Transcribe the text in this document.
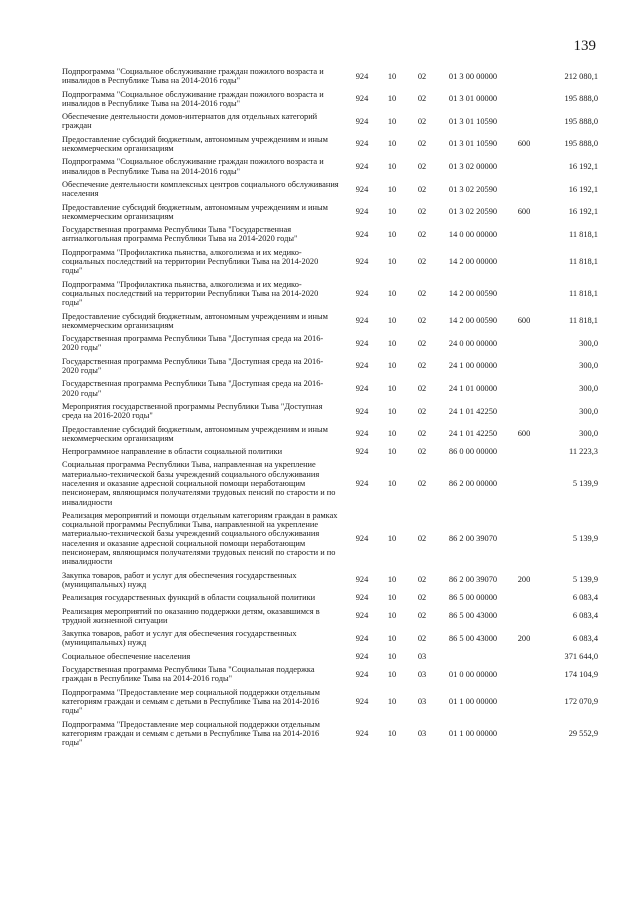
139
Подпрограмма "Социальное обслуживание граждан пожилого возраста и инвалидов в Республике Тыва на 2014-2016 годы"	924	10	02	01 3 00 00000		212 080,1
Подпрограмма "Социальное обслуживание граждан пожилого возраста и инвалидов в Республике Тыва на 2014-2016 годы"	924	10	02	01 3 01 00000		195 888,0
Обеспечение деятельности домов-интернатов для отдельных категорий граждан	924	10	02	01 3 01 10590		195 888,0
Предоставление субсидий бюджетным, автономным учреждениям и иным некоммерческим организациям	924	10	02	01 3 01 10590	600	195 888,0
Подпрограмма "Социальное обслуживание граждан пожилого возраста и инвалидов в Республике Тыва на 2014-2016 годы"	924	10	02	01 3 02 00000		16 192,1
Обеспечение деятельности комплексных центров социального обслуживания населения	924	10	02	01 3 02 20590		16 192,1
Предоставление субсидий бюджетным, автономным учреждениям и иным некоммерческим организациям	924	10	02	01 3 02 20590	600	16 192,1
Государственная программа Республики Тыва "Государственная антиалкогольная программа Республики Тыва на 2014-2020 годы"	924	10	02	14 0 00 00000		11 818,1
Подпрограмма "Профилактика пьянства, алкоголизма и их медико-социальных последствий на территории Республики Тыва на 2014-2020 годы"	924	10	02	14 2 00 00000		11 818,1
Подпрограмма "Профилактика пьянства, алкоголизма и их медико-социальных последствий на территории Республики Тыва на 2014-2020 годы"	924	10	02	14 2 00 00590		11 818,1
Предоставление субсидий бюджетным, автономным учреждениям и иным некоммерческим организациям	924	10	02	14 2 00 00590	600	11 818,1
Государственная программа Республики Тыва "Доступная среда на 2016-2020 годы"	924	10	02	24 0 00 00000		300,0
Государственная программа Республики Тыва "Доступная среда на 2016-2020 годы"	924	10	02	24 1 00 00000		300,0
Государственная программа Республики Тыва "Доступная среда на 2016-2020 годы"	924	10	02	24 1 01 00000		300,0
Мероприятия государственной программы Республики Тыва "Доступная среда на 2016-2020 годы"	924	10	02	24 1 01 42250		300,0
Предоставление субсидий бюджетным, автономным учреждениям и иным некоммерческим организациям	924	10	02	24 1 01 42250	600	300,0
Непрограммное направление в области социальной политики	924	10	02	86 0 00 00000		11 223,3
Социальная программа Республики Тыва, направленная на укрепление материально-технической базы учреждений социального обслуживания населения и оказание адресной социальной помощи неработающим пенсионерам, являющимся получателями трудовых пенсий по старости и по инвалидности	924	10	02	86 2 00 00000		5 139,9
Реализация мероприятий и помощи отдельным категориям граждан в рамках социальной программы Республики Тыва, направленной на укрепление материально-технической базы учреждений социального обслуживания населения и оказание адресной социальной помощи неработающим пенсионерам, являющимся получателями трудовых пенсий по старости и по инвалидности	924	10	02	86 2 00 39070		5 139,9
Закупка товаров, работ и услуг для обеспечения государственных (муниципальных) нужд	924	10	02	86 2 00 39070	200	5 139,9
Реализация государственных функций в области социальной политики	924	10	02	86 5 00 00000		6 083,4
Реализация мероприятий по оказанию поддержки детям, оказавшимся в трудной жизненной ситуации	924	10	02	86 5 00 43000		6 083,4
Закупка товаров, работ и услуг для обеспечения государственных (муниципальных) нужд	924	10	02	86 5 00 43000	200	6 083,4
Социальное обеспечение населения	924	10	03			371 644,0
Государственная программа Республики Тыва "Социальная поддержка граждан в Республике Тыва на 2014-2016 годы"	924	10	03	01 0 00 00000		174 104,9
Подпрограмма "Предоставление мер социальной поддержки отдельным категориям граждан и семьям с детьми в Республике Тыва на 2014-2016 годы"	924	10	03	01 1 00 00000		172 070,9
Подпрограмма "Предоставление мер социальной поддержки отдельным категориям граждан и семьям с детьми в Республике Тыва на 2014-2016 годы"	924	10	03	01 1 00 00000		29 552,9
